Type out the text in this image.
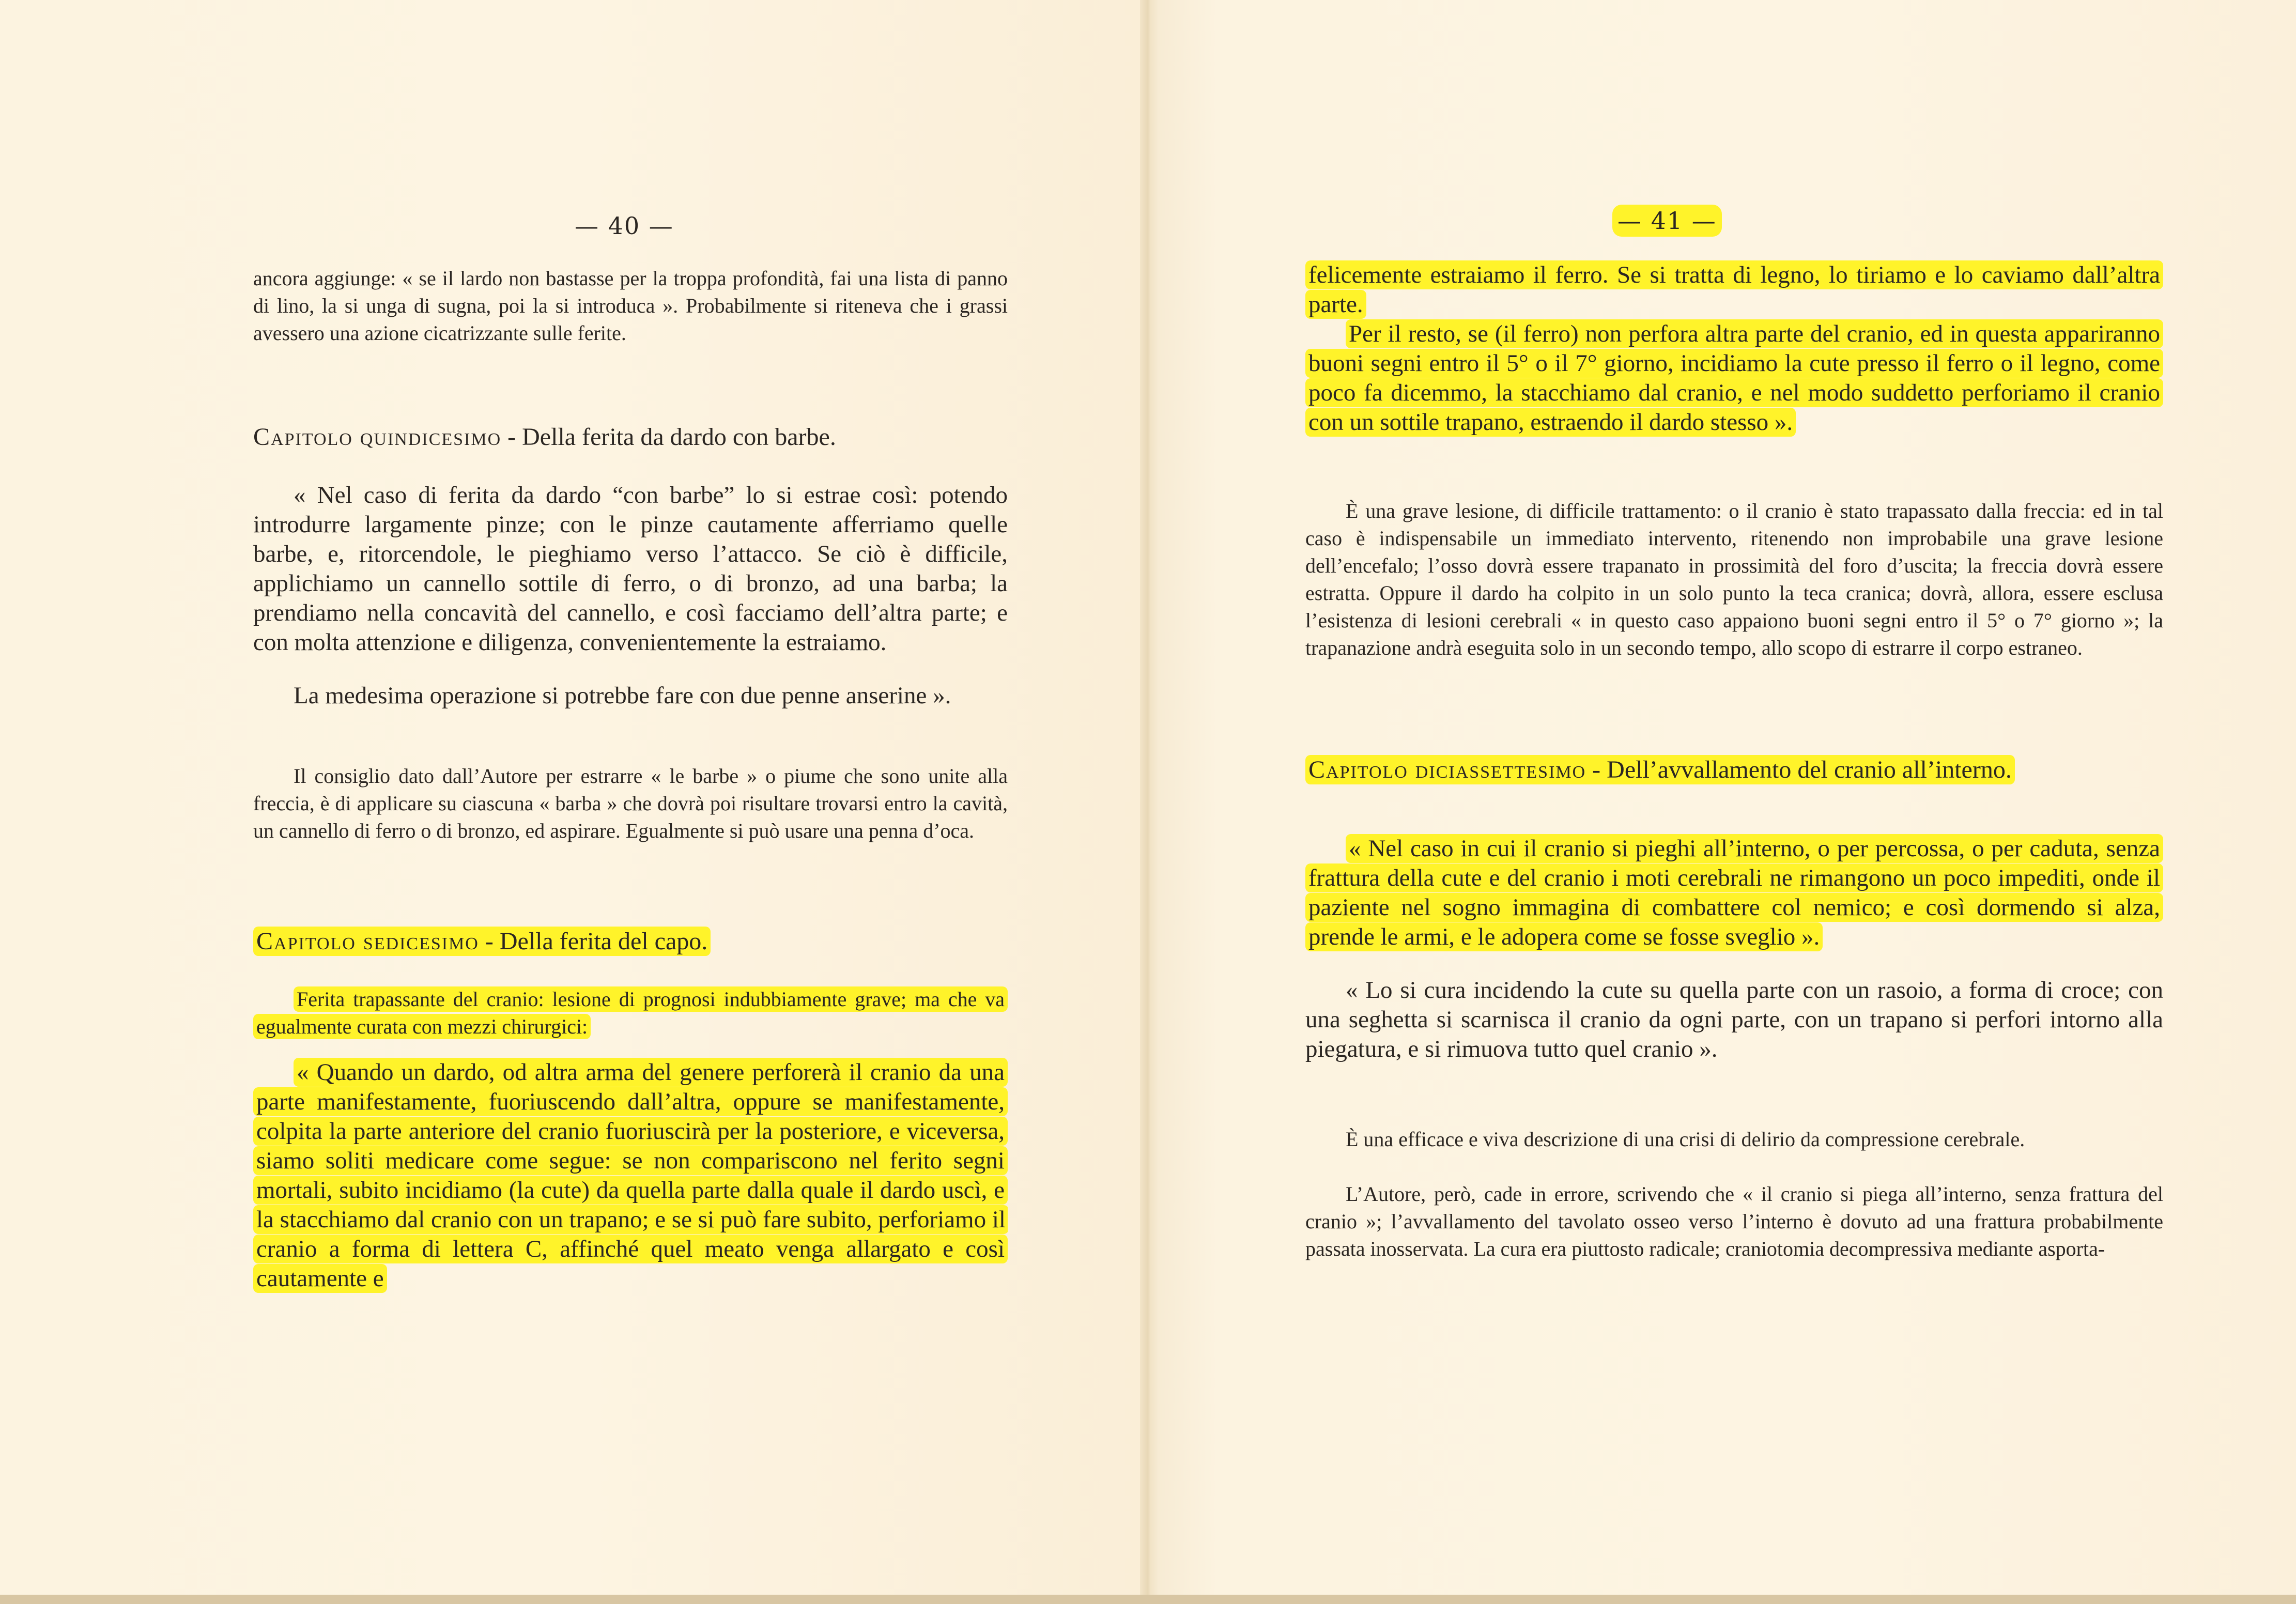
— 40 —

ancora aggiunge: « se il lardo non bastasse per la troppa profondità, fai una lista di panno di lino, la si unga di sugna, poi la si introduca ». Probabilmente si riteneva che i grassi avessero una azione cicatrizzante sulle ferite.

Capitolo quindicesimo - Della ferita da dardo con barbe.

« Nel caso di ferita da dardo “con barbe” lo si estrae così: potendo introdurre largamente pinze; con le pinze cautamente afferriamo quelle barbe, e, ritorcendole, le pieghiamo verso l’attacco. Se ciò è difficile, applichiamo un cannello sottile di ferro, o di bronzo, ad una barba; la prendiamo nella concavità del cannello, e così facciamo dell’altra parte; e con molta attenzione e diligenza, convenientemente la estraiamo.

La medesima operazione si potrebbe fare con due penne anserine ».

Il consiglio dato dall’Autore per estrarre « le barbe » o piume che sono unite alla freccia, è di applicare su ciascuna « barba » che dovrà poi risultare trovarsi entro la cavità, un cannello di ferro o di bronzo, ed aspirare. Egualmente si può usare una penna d’oca.

Capitolo sedicesimo - Della ferita del capo.

Ferita trapassante del cranio: lesione di prognosi indubbiamente grave; ma che va egualmente curata con mezzi chirurgici:

« Quando un dardo, od altra arma del genere perforerà il cranio da una parte manifestamente, fuoriuscendo dall’altra, oppure se manifestamente, colpita la parte anteriore del cranio fuoriuscirà per la posteriore, e viceversa, siamo soliti medicare come segue: se non compariscono nel ferito segni mortali, subito incidiamo (la cute) da quella parte dalla quale il dardo uscì, e la stacchiamo dal cranio con un trapano; e se si può fare subito, perforiamo il cranio a forma di lettera C, affinché quel meato venga allargato e così cautamente e

— 41 —

felicemente estraiamo il ferro. Se si tratta di legno, lo tiriamo e lo caviamo dall’altra parte.

Per il resto, se (il ferro) non perfora altra parte del cranio, ed in questa appariranno buoni segni entro il 5° o il 7° giorno, incidiamo la cute presso il ferro o il legno, come poco fa dicemmo, la stacchiamo dal cranio, e nel modo suddetto perforiamo il cranio con un sottile trapano, estraendo il dardo stesso ».

È una grave lesione, di difficile trattamento: o il cranio è stato trapassato dalla freccia: ed in tal caso è indispensabile un immediato intervento, ritenendo non improbabile una grave lesione dell’encefalo; l’osso dovrà essere trapanato in prossimità del foro d’uscita; la freccia dovrà essere estratta. Oppure il dardo ha colpito in un solo punto la teca cranica; dovrà, allora, essere esclusa l’esistenza di lesioni cerebrali « in questo caso appaiono buoni segni entro il 5° o 7° giorno »; la trapanazione andrà eseguita solo in un secondo tempo, allo scopo di estrarre il corpo estraneo.

Capitolo diciassettesimo - Dell’avvallamento del cranio all’interno.

« Nel caso in cui il cranio si pieghi all’interno, o per percossa, o per caduta, senza frattura della cute e del cranio i moti cerebrali ne rimangono un poco impediti, onde il paziente nel sogno immagina di combattere col nemico; e così dormendo si alza, prende le armi, e le adopera come se fosse sveglio ».

« Lo si cura incidendo la cute su quella parte con un rasoio, a forma di croce; con una seghetta si scarnisca il cranio da ogni parte, con un trapano si perfori intorno alla piegatura, e si rimuova tutto quel cranio ».

È una efficace e viva descrizione di una crisi di delirio da compressione cerebrale.

L’Autore, però, cade in errore, scrivendo che « il cranio si piega all’interno, senza frattura del cranio »; l’avvallamento del tavolato osseo verso l’interno è dovuto ad una frattura probabilmente passata inosservata. La cura era piuttosto radicale; craniotomia decompressiva mediante asporta-
